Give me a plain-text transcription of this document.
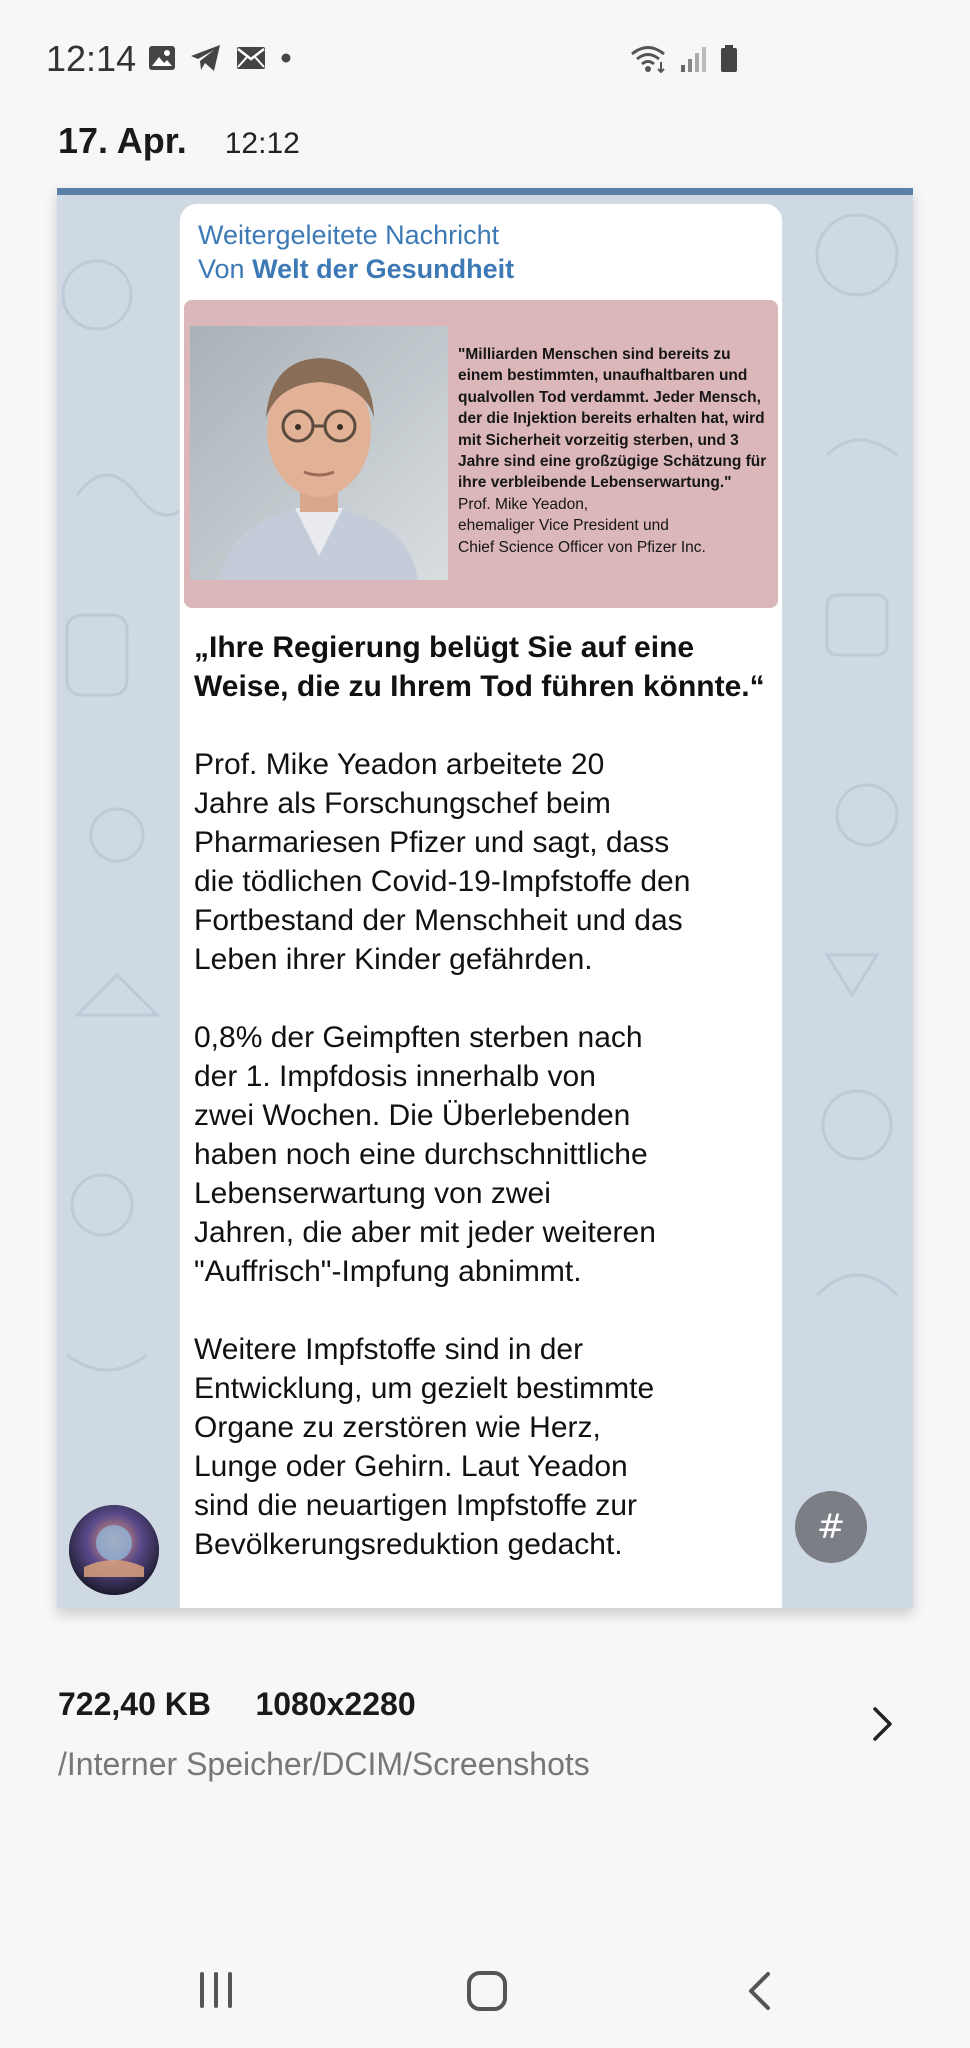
12:14
17. Apr. 12:12
Weitergeleitete Nachricht
Von Welt der Gesundheit
"Milliarden Menschen sind bereits zu einem bestimmten, unaufhaltbaren und qualvollen Tod verdammt. Jeder Mensch, der die Injektion bereits erhalten hat, wird mit Sicherheit vorzeitig sterben, und 3 Jahre sind eine großzügige Schätzung für ihre verbleibende Lebenserwartung."
Prof. Mike Yeadon,
ehemaliger Vice President und
Chief Science Officer von Pfizer Inc.
„Ihre Regierung belügt Sie auf eine Weise, die zu Ihrem Tod führen könnte.“
Prof. Mike Yeadon arbeitete 20
Jahre als Forschungschef beim
Pharmariesen Pfizer und sagt, dass
die tödlichen Covid-19-Impfstoffe den
Fortbestand der Menschheit und das
Leben ihrer Kinder gefährden.
0,8% der Geimpften sterben nach
der 1. Impfdosis innerhalb von
zwei Wochen. Die Überlebenden
haben noch eine durchschnittliche
Lebenserwartung von zwei
Jahren, die aber mit jeder weiteren
"Auffrisch"-Impfung abnimmt.
Weitere Impfstoffe sind in der
Entwicklung, um gezielt bestimmte
Organe zu zerstören wie Herz,
Lunge oder Gehirn. Laut Yeadon
sind die neuartigen Impfstoffe zur
Bevölkerungsreduktion gedacht.	#
722,40 KB 1080x2280
/Interner Speicher/DCIM/Screenshots
